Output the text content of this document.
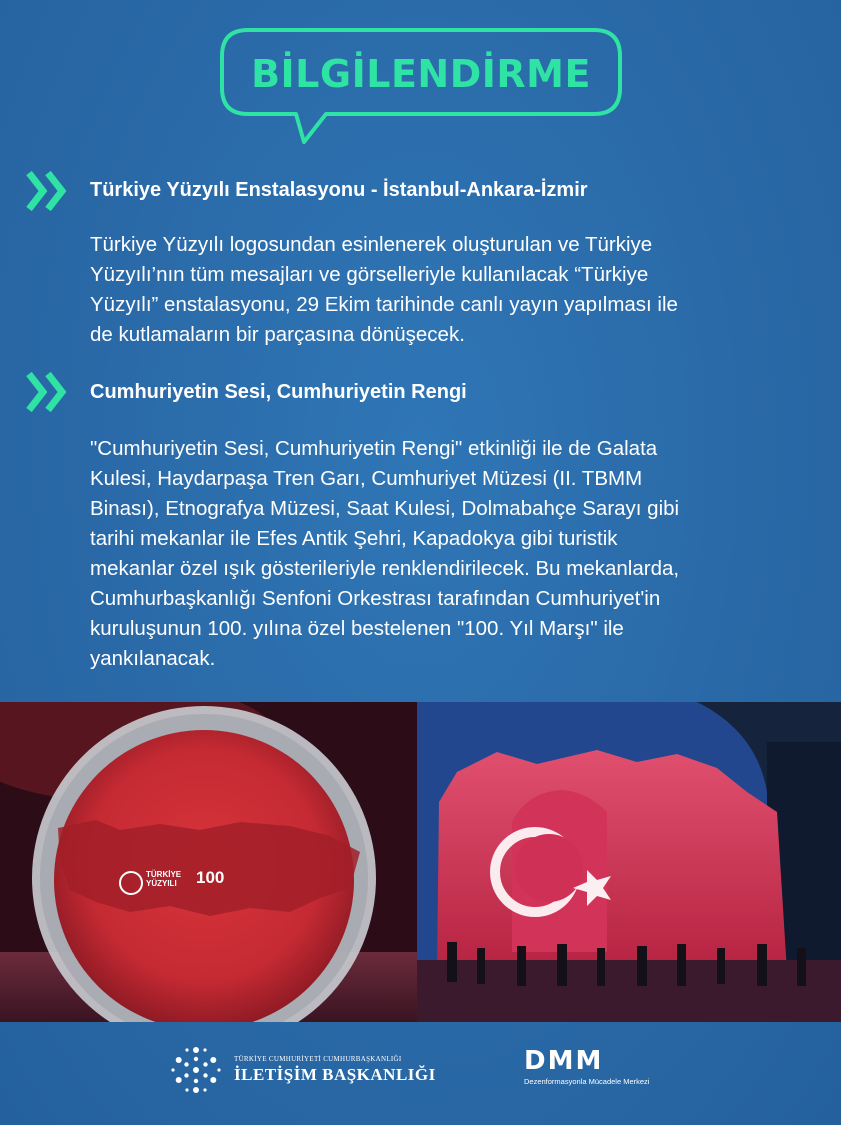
BİLGİLENDİRME
Türkiye Yüzyılı Enstalasyonu - İstanbul-Ankara-İzmir
Türkiye Yüzyılı logosundan esinlenerek oluşturulan ve Türkiye
Yüzyılı’nın tüm mesajları ve görselleriyle kullanılacak “Türkiye
Yüzyılı” enstalasyonu, 29 Ekim tarihinde canlı yayın yapılması ile
de kutlamaların bir parçasına dönüşecek.
Cumhuriyetin Sesi, Cumhuriyetin Rengi
"Cumhuriyetin Sesi, Cumhuriyetin Rengi" etkinliği ile de Galata
Kulesi, Haydarpaşa Tren Garı, Cumhuriyet Müzesi (II. TBMM
Binası), Etnografya Müzesi, Saat Kulesi, Dolmabahçe Sarayı gibi
tarihi mekanlar ile Efes Antik Şehri, Kapadokya gibi turistik
mekanlar özel ışık gösterileriyle renklendirilecek. Bu mekanlarda,
Cumhurbaşkanlığı Senfoni Orkestrası tarafından Cumhuriyet'in
kuruluşunun 100. yılına özel bestelenen "100. Yıl Marşı" ile
yankılanacak.
TÜRKİYE
YÜZYILI 100
TÜRKİYE CUMHURİYETİ CUMHURBAŞKANLIĞI
İLETİŞİM BAŞKANLIĞI	DMM
Dezenformasyonla Mücadele Merkezi
